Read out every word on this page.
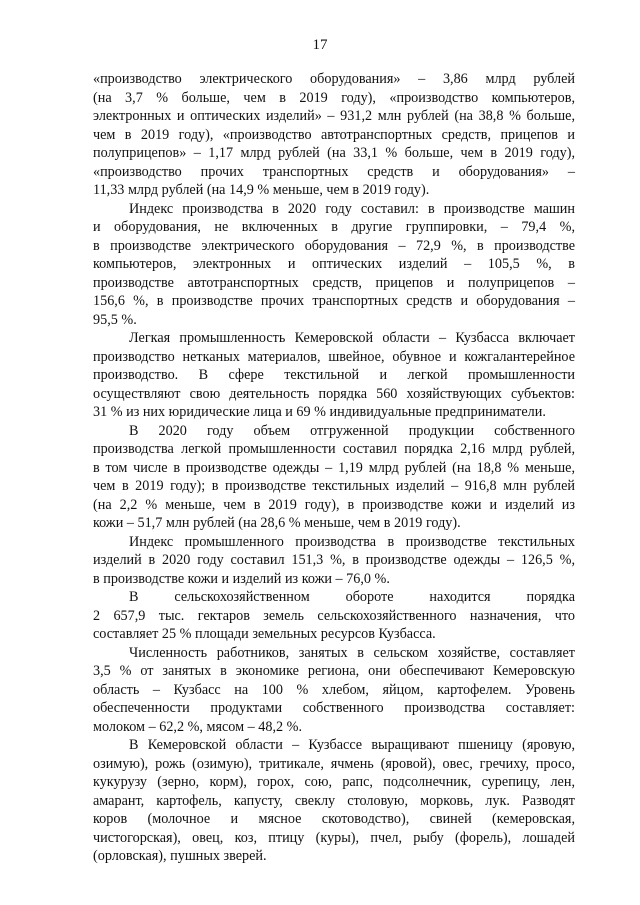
17
«производство электрического оборудования» – 3,86 млрд рублей
(на 3,7 % больше, чем в 2019 году), «производство компьютеров,
электронных и оптических изделий» – 931,2 млн рублей (на 38,8 % больше,
чем в 2019 году), «производство автотранспортных средств, прицепов и
полуприцепов» – 1,17 млрд рублей (на 33,1 % больше, чем в 2019 году),
«производство прочих транспортных средств и оборудования» –
11,33 млрд рублей (на 14,9 % меньше, чем в 2019 году).
Индекс производства в 2020 году составил: в производстве машин
и оборудования, не включенных в другие группировки, – 79,4 %,
в производстве электрического оборудования – 72,9 %, в производстве
компьютеров, электронных и оптических изделий – 105,5 %, в
производстве автотранспортных средств, прицепов и полуприцепов –
156,6 %, в производстве прочих транспортных средств и оборудования –
95,5 %.
Легкая промышленность Кемеровской области – Кузбасса включает
производство нетканых материалов, швейное, обувное и кожгалантерейное
производство. В сфере текстильной и легкой промышленности
осуществляют свою деятельность порядка 560 хозяйствующих субъектов:
31 % из них юридические лица и 69 % индивидуальные предприниматели.
В 2020 году объем отгруженной продукции собственного
производства легкой промышленности составил порядка 2,16 млрд рублей,
в том числе в производстве одежды – 1,19 млрд рублей (на 18,8 % меньше,
чем в 2019 году); в производстве текстильных изделий – 916,8 млн рублей
(на 2,2 % меньше, чем в 2019 году), в производстве кожи и изделий из
кожи – 51,7 млн рублей (на 28,6 % меньше, чем в 2019 году).
Индекс промышленного производства в производстве текстильных
изделий в 2020 году составил 151,3 %, в производстве одежды – 126,5 %,
в производстве кожи и изделий из кожи – 76,0 %.
В сельскохозяйственном обороте находится порядка
2 657,9 тыс. гектаров земель сельскохозяйственного назначения, что
составляет 25 % площади земельных ресурсов Кузбасса.
Численность работников, занятых в сельском хозяйстве, составляет
3,5 % от занятых в экономике региона, они обеспечивают Кемеровскую
область – Кузбасс на 100 % хлебом, яйцом, картофелем. Уровень
обеспеченности продуктами собственного производства составляет:
молоком – 62,2 %, мясом – 48,2 %.
В Кемеровской области – Кузбассе выращивают пшеницу (яровую,
озимую), рожь (озимую), тритикале, ячмень (яровой), овес, гречиху, просо,
кукурузу (зерно, корм), горох, сою, рапс, подсолнечник, сурепицу, лен,
амарант, картофель, капусту, свеклу столовую, морковь, лук. Разводят
коров (молочное и мясное скотоводство), свиней (кемеровская,
чистогорская), овец, коз, птицу (куры), пчел, рыбу (форель), лошадей
(орловская), пушных зверей.
